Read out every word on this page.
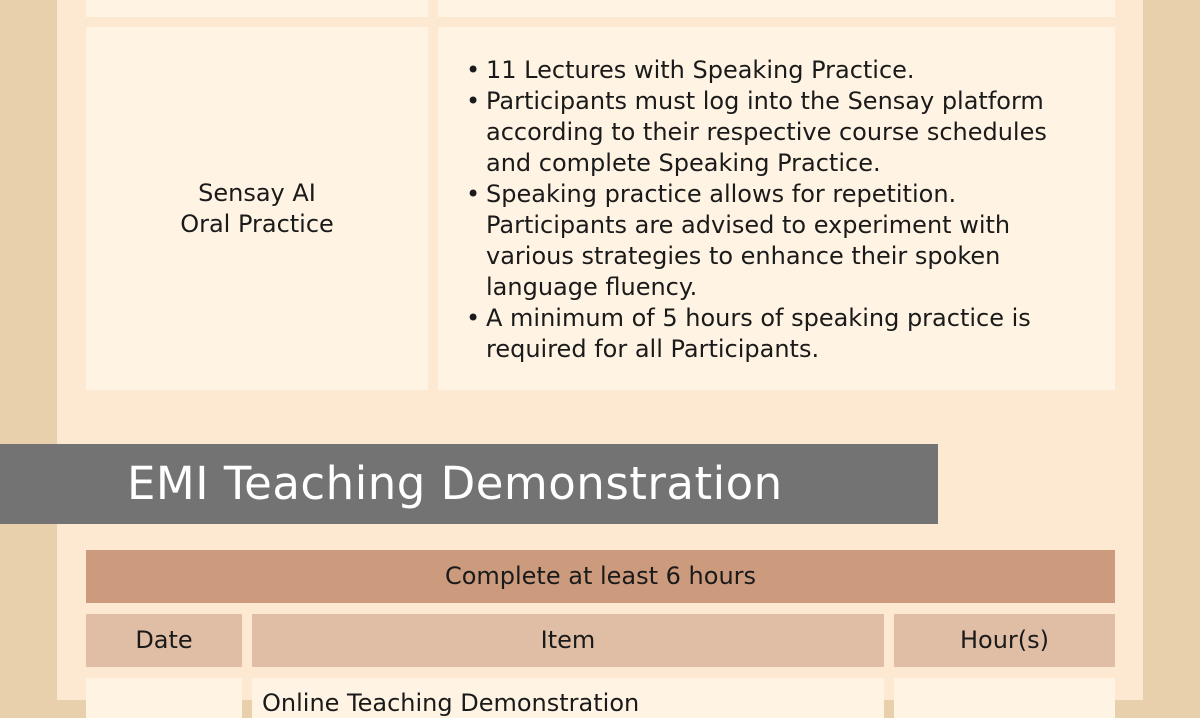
Sensay AI
Oral Practice
• 11 Lectures with Speaking Practice.
• Participants must log into the Sensay platform
according to their respective course schedules
and complete Speaking Practice.
• Speaking practice allows for repetition.
Participants are advised to experiment with
various strategies to enhance their spoken
language fluency.
• A minimum of 5 hours of speaking practice is
required for all Participants.
EMI Teaching Demonstration
Complete at least 6 hours
Date	Item	Hour(s)
Online Teaching Demonstration
